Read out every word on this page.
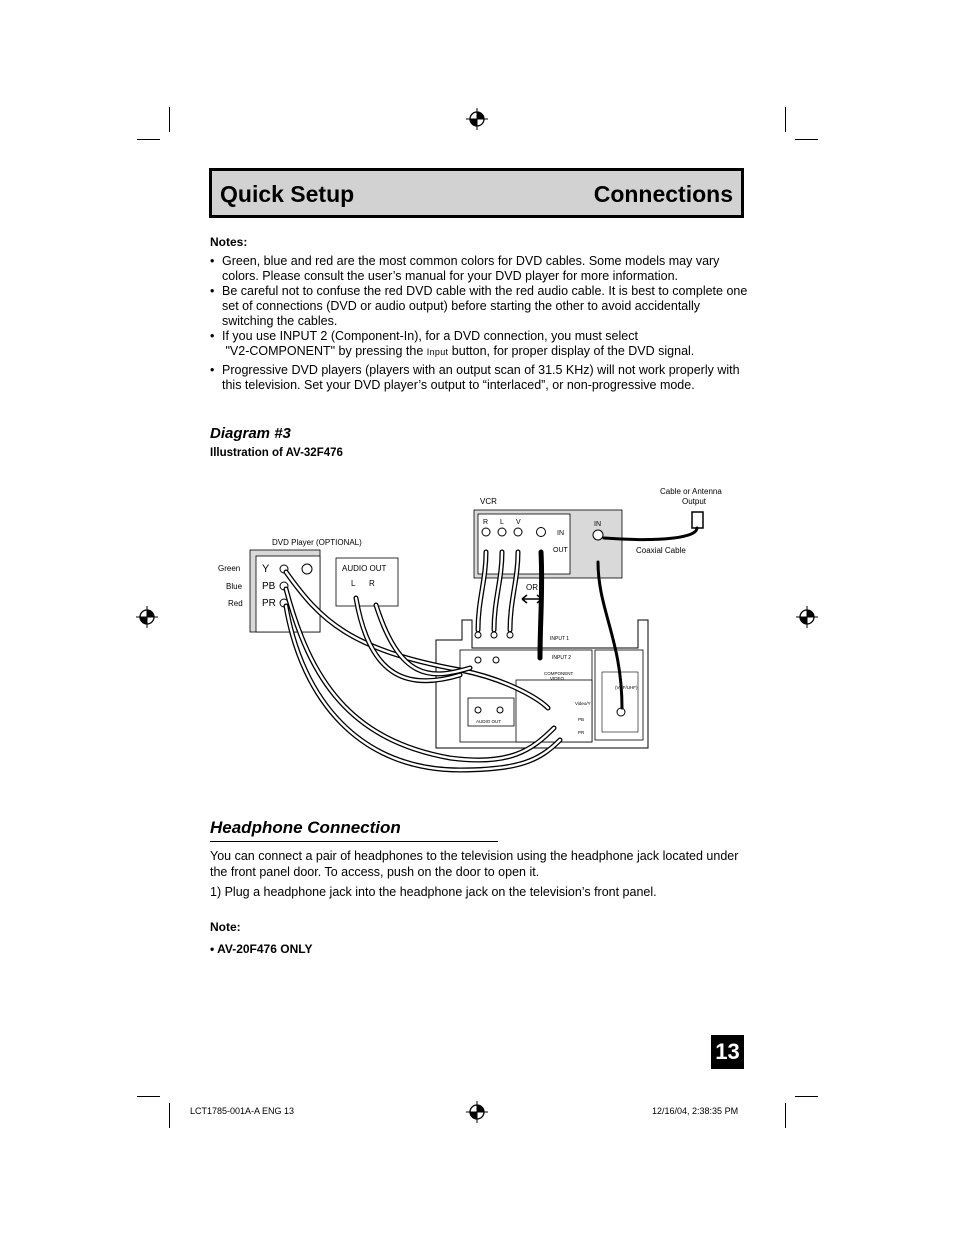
Quick Setup	Connections
Notes:
• Green, blue and red are the most common colors for DVD cables. Some models may vary colors. Please consult the user’s manual for your DVD player for more information.
• Be careful not to confuse the red DVD cable with the red audio cable. It is best to complete one set of connections (DVD or audio output) before starting the other to avoid accidentally switching the cables.
• If you use INPUT 2 (Component-In), for a DVD connection, you must select
"V2-COMPONENT" by pressing the Input button, for proper display of the DVD signal.
• Progressive DVD players (players with an output scan of 31.5 KHz) will not work properly with this television. Set your DVD player’s output to “interlaced”, or non-progressive mode.
Diagram #3
Illustration of AV-32F476
DVD Player (OPTIONAL)
Green
Blue
Red
Y
PB
PR
AUDIO OUT
L R
VCR
R L V
IN
OUT
IN
Cable or Antenna
Output
Coaxial Cable
OR
INPUT 1
INPUT 2
COMPONENT
VIDEO
AUDIO OUT
Video/Y
PB
PR
(VHF/UHF)
Headphone Connection
You can connect a pair of headphones to the television using the headphone jack located under the front panel door. To access, push on the door to open it.
1) Plug a headphone jack into the headphone jack on the television’s front panel.
Note:
• AV-20F476 ONLY
13
LCT1785-001A-A ENG 13	12/16/04, 2:38:35 PM
